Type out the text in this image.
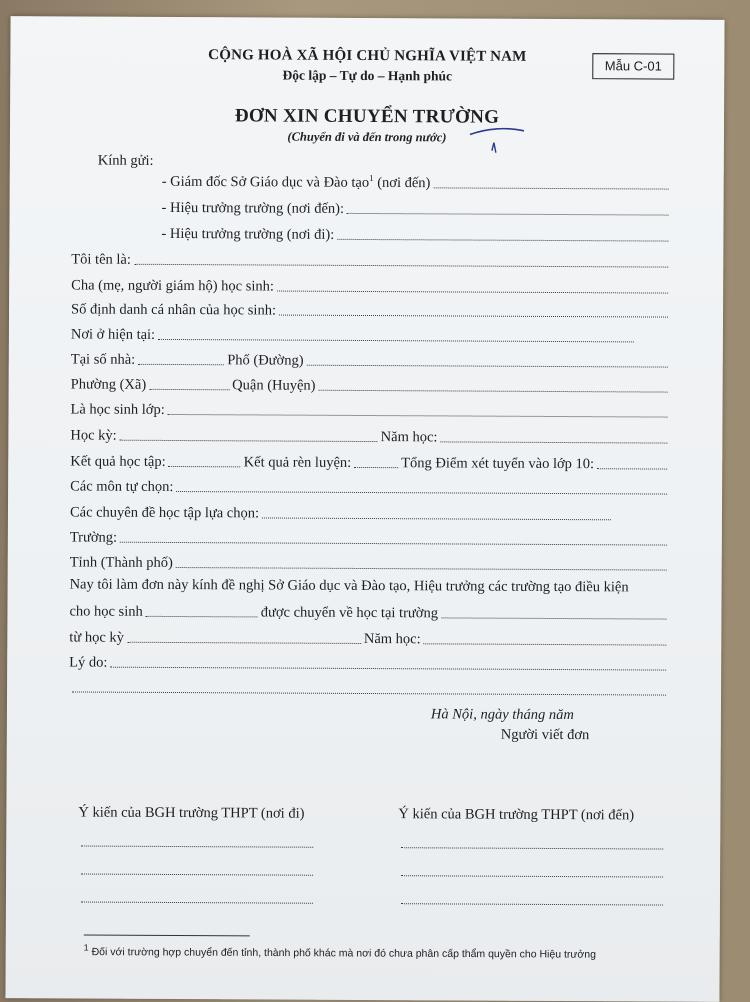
CỘNG HOÀ XÃ HỘI CHỦ NGHĨA VIỆT NAM
Độc lập – Tự do – Hạnh phúc
Mẫu C-01
ĐƠN XIN CHUYỂN TRƯỜNG
(Chuyển đi và đến trong nước)
Kính gửi:
- Giám đốc Sở Giáo dục và Đào tạo$^1$ (nơi đến)
- Hiệu trưởng trường (nơi đến):
- Hiệu trưởng trường (nơi đi):
Tôi tên là:
Cha (mẹ, người giám hộ) học sinh:
Số định danh cá nhân của học sinh:
Nơi ở hiện tại:
Tại số nhà:	Phố (Đường)
Phường (Xã)	Quận (Huyện)
Là học sinh lớp:
Học kỳ:	Năm học:
Kết quả học tập:	Kết quả rèn luyện:	Tổng Điểm xét tuyển vào lớp 10:
Các môn tự chọn:
Các chuyên đề học tập lựa chọn:
Trường:
Tỉnh (Thành phố)
Nay tôi làm đơn này kính đề nghị Sở Giáo dục và Đào tạo, Hiệu trưởng các trường tạo điều kiện
cho học sinh	được chuyển về học tại trường
từ học kỳ	Năm học:
Lý do:
Hà Nội, ngày tháng năm
Người viết đơn
Ý kiến của BGH trường THPT (nơi đi)	Ý kiến của BGH trường THPT (nơi đến)
$^1$ Đối với trường hợp chuyển đến tỉnh, thành phố khác mà nơi đó chưa phân cấp thẩm quyền cho Hiệu trưởng
